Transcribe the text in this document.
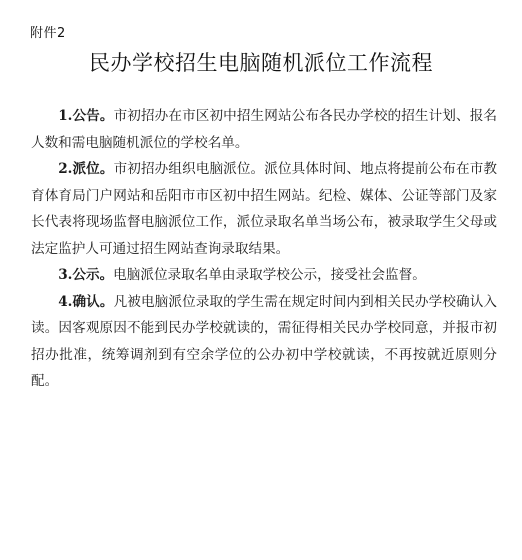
附件2
民办学校招生电脑随机派位工作流程

1.公告。市初招办在市区初中招生网站公布各民办学校的招生计划、报名人数和需电脑随机派位的学校名单。

2.派位。市初招办组织电脑派位。派位具体时间、地点将提前公布在市教育体育局门户网站和岳阳市市区初中招生网站。纪检、媒体、公证等部门及家长代表将现场监督电脑派位工作，派位录取名单当场公布，被录取学生父母或法定监护人可通过招生网站查询录取结果。

3.公示。电脑派位录取名单由录取学校公示，接受社会监督。

4.确认。凡被电脑派位录取的学生需在规定时间内到相关民办学校确认入读。因客观原因不能到民办学校就读的，需征得相关民办学校同意，并报市初招办批准，统筹调剂到有空余学位的公办初中学校就读，不再按就近原则分配。
